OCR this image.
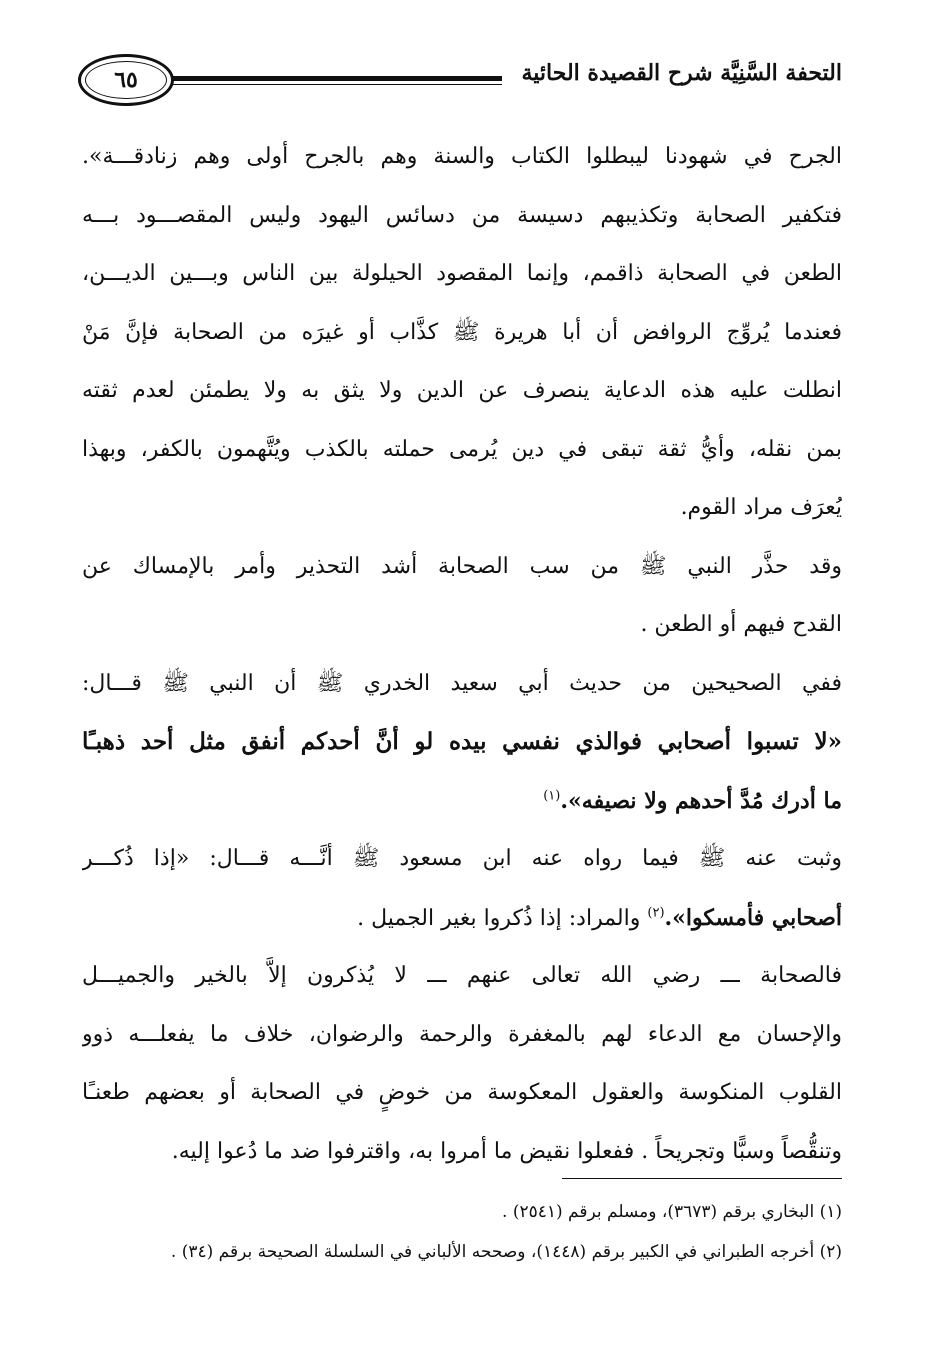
التحفة السَّنِيَّة شرح القصيدة الحائية
٦٥
الجرح في شهودنا ليبطلوا الكتاب والسنة وهم بالجرح أولى وهم زنادقـــة».
فتكفير الصحابة وتكذيبهم دسيسة من دسائس اليهود وليس المقصـــود بـــه
الطعن في الصحابة ذاقمم، وإنما المقصود الحيلولة بين الناس وبـــين الديـــن،
فعندما يُروِّج الروافض أن أبا هريرة ﷺ كذَّاب أو غيرَه من الصحابة فإنَّ مَنْ
انطلت عليه هذه الدعاية ينصرف عن الدين ولا يثق به ولا يطمئن لعدم ثقته
بمن نقله، وأيُّ ثقة تبقى في دين يُرمى حملته بالكذب ويُتَّهمون بالكفر، وبهذا
يُعرَف مراد القوم.
وقد حذَّر النبي ﷺ من سب الصحابة أشد التحذير وأمر بالإمساك عن
القدح فيهم أو الطعن .
ففي الصحيحين من حديث أبي سعيد الخدري ﷺ أن النبي ﷺ قـــال:
«لا تسبوا أصحابي فوالذي نفسي بيده لو أنَّ أحدكم أنفق مثل أحد ذهبـًا
ما أدرك مُدَّ أحدهم ولا نصيفه».$^{(١)}$
وثبت عنه ﷺ فيما رواه عنه ابن مسعود ﷺ أنَّـــه قـــال: «إذا ذُكـــر
أصحابي فأمسكوا».$^{(٢)}$ والمراد: إذا ذُكروا بغير الجميل .
فالصحابة ـــ رضي الله تعالى عنهم ـــ لا يُذكرون إلاَّ بالخير والجميـــل
والإحسان مع الدعاء لهم بالمغفرة والرحمة والرضوان، خلاف ما يفعلـــه ذوو
القلوب المنكوسة والعقول المعكوسة من خوضٍ في الصحابة أو بعضهم طعنـًا
وتنقُّصاً وسبًّا وتجريحاً . ففعلوا نقيض ما أمروا به، واقترفوا ضد ما دُعوا إليه.
(١) البخاري برقم (٣٦٧٣)، ومسلم برقم (٢٥٤١) .
(٢) أخرجه الطبراني في الكبير برقم (١٤٤٨)، وصححه الألباني في السلسلة الصحيحة برقم (٣٤) .
